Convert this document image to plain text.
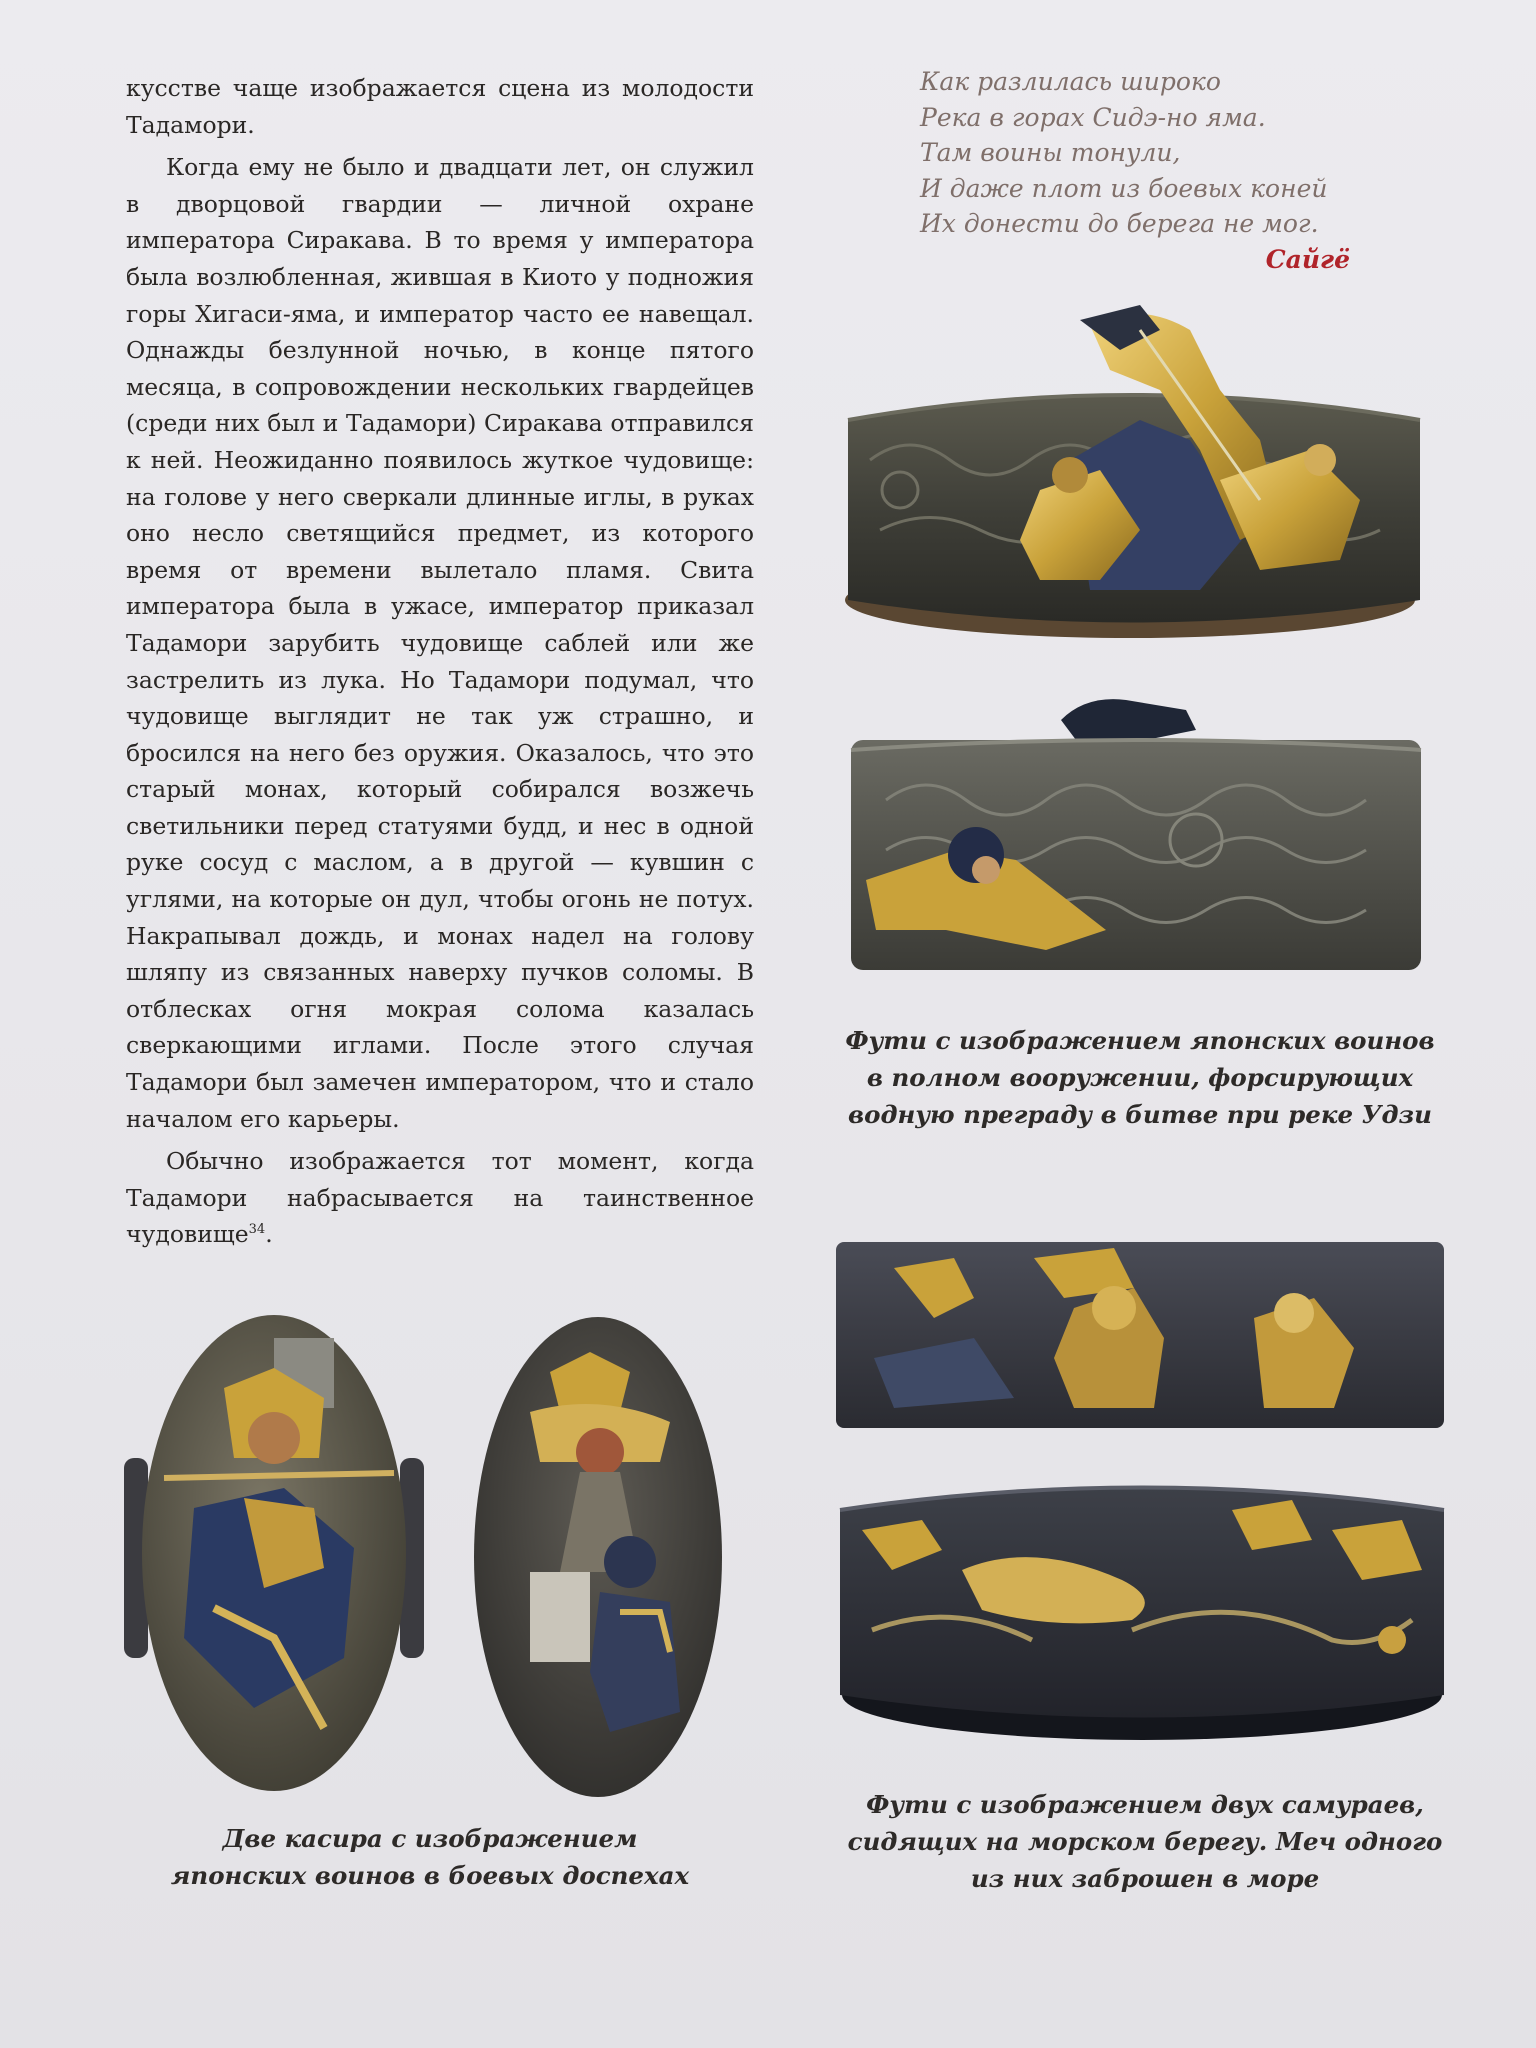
кусстве чаще изображается сцена из молодости Тадамори.

Когда ему не было и двадцати лет, он служил в дворцовой гвардии — личной охране императора Сиракава. В то время у императора была возлюбленная, жившая в Киото у подножия горы Хигаси-яма, и император часто ее навещал. Однажды безлунной ночью, в конце пятого месяца, в сопровождении нескольких гвардейцев (среди них был и Тадамори) Сиракава отправился к ней. Неожиданно появилось жуткое чудовище: на голове у него сверкали длинные иглы, в руках оно несло светящийся предмет, из которого время от времени вылетало пламя. Свита императора была в ужасе, император приказал Тадамори зарубить чудовище саблей или же застрелить из лука. Но Тадамори подумал, что чудовище выглядит не так уж страшно, и бросился на него без оружия. Оказалось, что это старый монах, который собирался возжечь светильники перед статуями будд, и нес в одной руке сосуд с маслом, а в другой — кувшин с углями, на которые он дул, чтобы огонь не потух. Накрапывал дождь, и монах надел на голову шляпу из связанных наверху пучков соломы. В отблесках огня мокрая солома казалась сверкающими иглами. После этого случая Тадамори был замечен императором, что и стало началом его карьеры.

Обычно изображается тот момент, когда Тадамори набрасывается на таинственное чудовище$^{34}$.

Как разлилась широко
Река в горах Сидэ-но яма.
Там воины тонули,
И даже плот из боевых коней
Их донести до берега не мог.
Сайгё
Фути с изображением японских воинов
в полном вооружении, форсирующих
водную преграду в битве при реке Удзи
Фути с изображением двух самураев,
сидящих на морском берегу. Меч одного
из них заброшен в море
Две касира с изображением
японских воинов в боевых доспехах
